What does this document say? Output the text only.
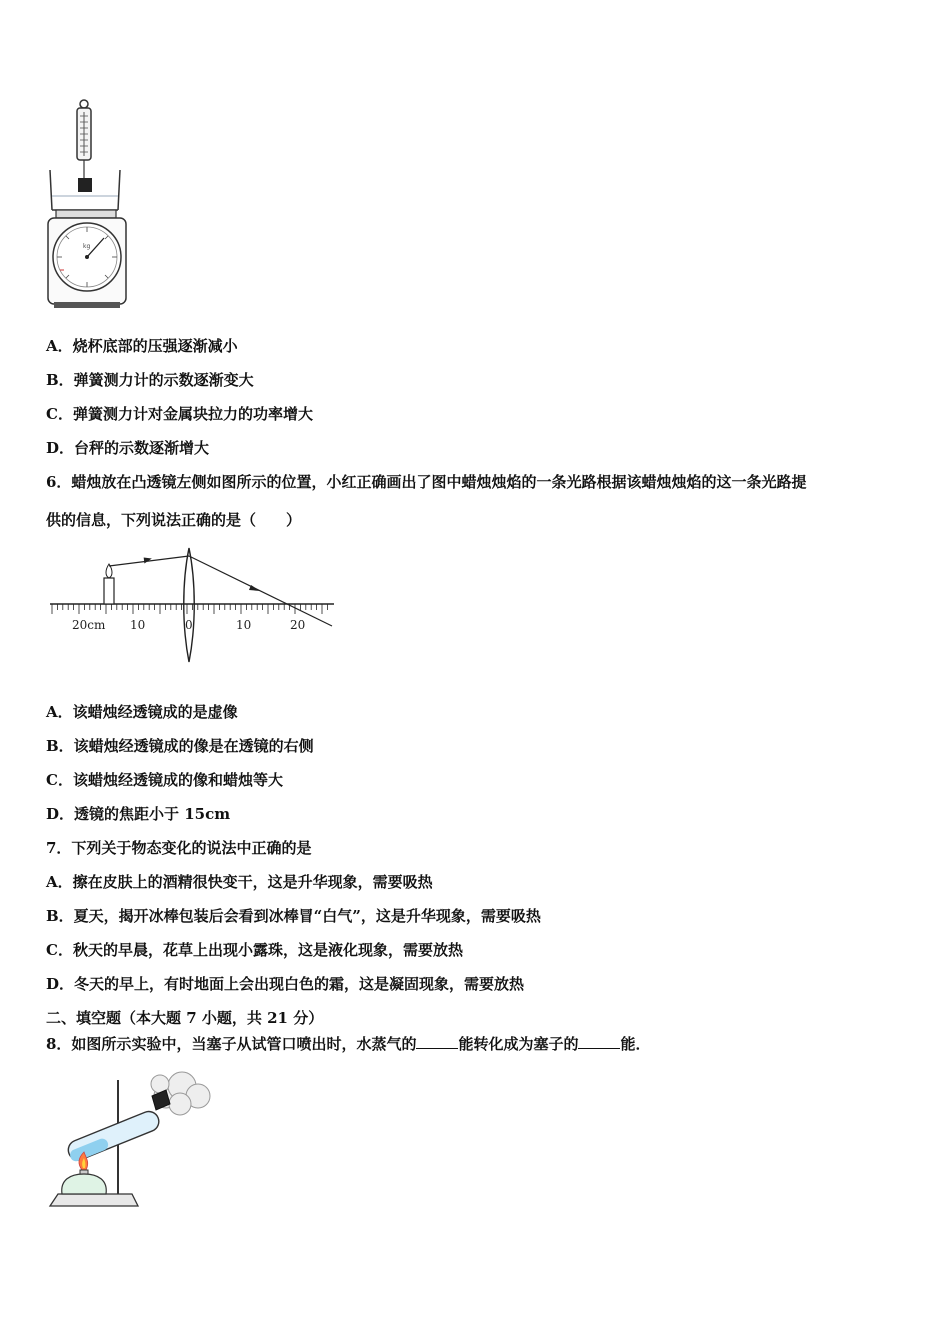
kg
A．烧杯底部的压强逐渐减小
B．弹簧测力计的示数逐渐变大
C．弹簧测力计对金属块拉力的功率增大
D．台秤的示数逐渐增大
6．蜡烛放在凸透镜左侧如图所示的位置，小红正确画出了图中蜡烛烛焰的一条光路根据该蜡烛烛焰的这一条光路提
供的信息，下列说法正确的是（　　）
20cm 10	0	10	20
A．该蜡烛经透镜成的是虚像
B．该蜡烛经透镜成的像是在透镜的右侧
C．该蜡烛经透镜成的像和蜡烛等大
D．透镜的焦距小于 15cm
7．下列关于物态变化的说法中正确的是
A．擦在皮肤上的酒精很快变干，这是升华现象，需要吸热
B．夏天，揭开冰棒包装后会看到冰棒冒“白气”，这是升华现象，需要吸热
C．秋天的早晨，花草上出现小露珠，这是液化现象，需要放热
D．冬天的早上，有时地面上会出现白色的霜，这是凝固现象，需要放热
二、填空题（本大题 7 小题，共 21 分）
8．如图所示实验中，当塞子从试管口喷出时，水蒸气的	能转化成为塞子的	能．
